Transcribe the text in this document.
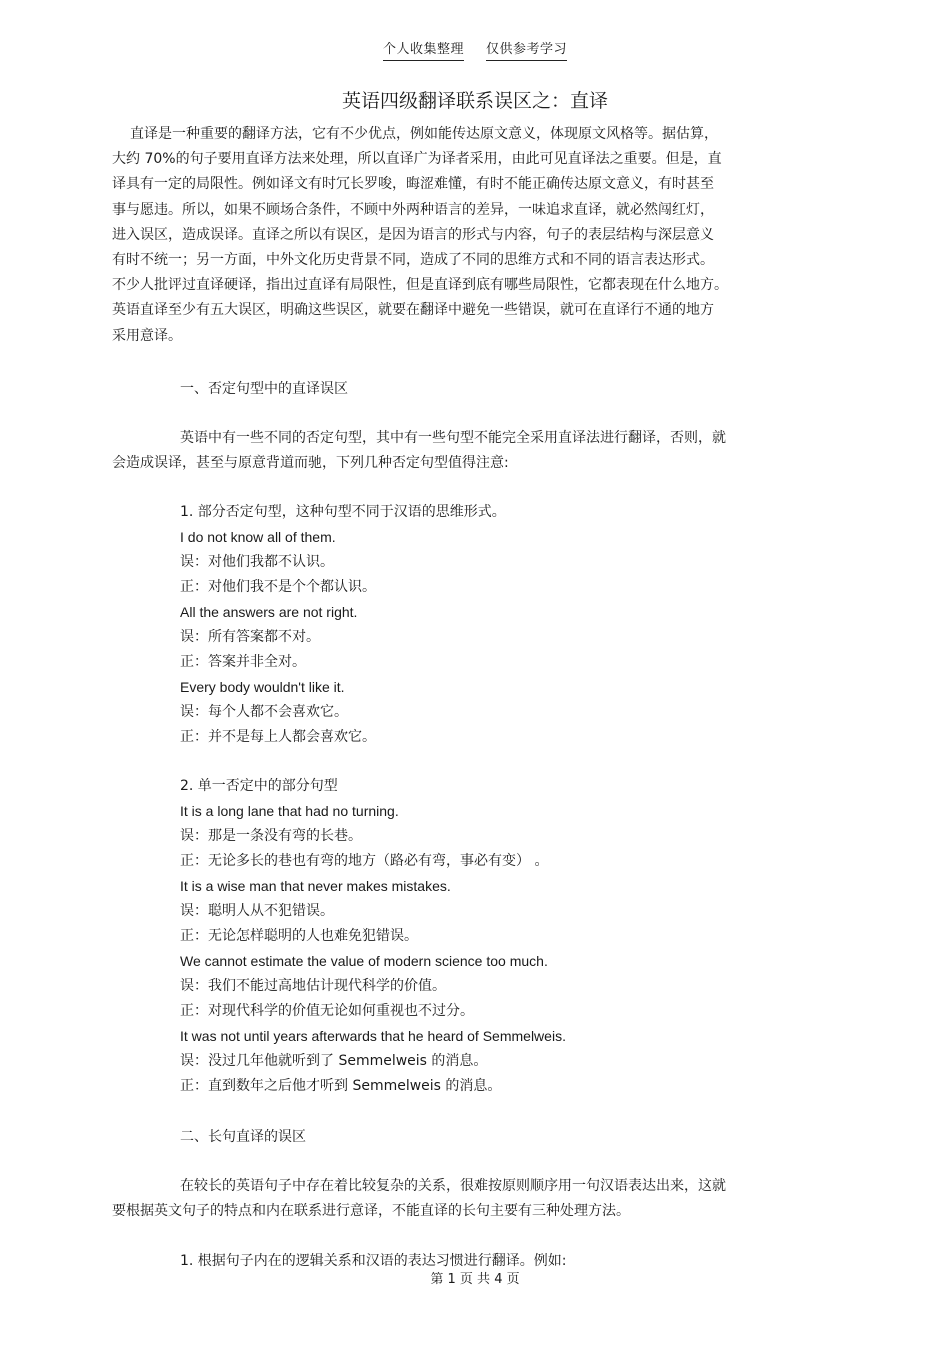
个人收集整理 仅供参考学习
英语四级翻译联系误区之：直译
直译是一种重要的翻译方法，它有不少优点，例如能传达原文意义，体现原文风格等。据估算，
大约 70%的句子要用直译方法来处理，所以直译广为译者采用，由此可见直译法之重要。但是，直
译具有一定的局限性。例如译文有时冗长罗唆，晦涩难懂，有时不能正确传达原文意义，有时甚至
事与愿违。所以，如果不顾场合条件，不顾中外两种语言的差异，一味追求直译，就必然闯红灯，
进入误区，造成误译。直译之所以有误区，是因为语言的形式与内容，句子的表层结构与深层意义
有时不统一；另一方面，中外文化历史背景不同，造成了不同的思维方式和不同的语言表达形式。
不少人批评过直译硬译，指出过直译有局限性，但是直译到底有哪些局限性，它都表现在什么地方。
英语直译至少有五大误区，明确这些误区，就要在翻译中避免一些错误，就可在直译行不通的地方
采用意译。
一、否定句型中的直译误区
英语中有一些不同的否定句型，其中有一些句型不能完全采用直译法进行翻译，否则，就
会造成误译，甚至与原意背道而驰，下列几种否定句型值得注意:
1. 部分否定句型，这种句型不同于汉语的思维形式。
I do not know all of them.
误：对他们我都不认识。
正：对他们我不是个个都认识。
All the answers are not right.
误：所有答案都不对。
正：答案并非全对。
Every body wouldn't like it.
误：每个人都不会喜欢它。
正：并不是每上人都会喜欢它。
2. 单一否定中的部分句型
It is a long lane that had no turning.
误：那是一条没有弯的长巷。
正：无论多长的巷也有弯的地方（路必有弯，事必有变） 。
It is a wise man that never makes mistakes.
误：聪明人从不犯错误。
正：无论怎样聪明的人也难免犯错误。
We cannot estimate the value of modern science too much.
误：我们不能过高地估计现代科学的价值。
正：对现代科学的价值无论如何重视也不过分。
It was not until years afterwards that he heard of Semmelweis.
误：没过几年他就听到了 Semmelweis 的消息。
正：直到数年之后他才听到 Semmelweis 的消息。
二、长句直译的误区
在较长的英语句子中存在着比较复杂的关系，很难按原则顺序用一句汉语表达出来，这就
要根据英文句子的特点和内在联系进行意译，不能直译的长句主要有三种处理方法。
1. 根据句子内在的逻辑关系和汉语的表达习惯进行翻译。例如:
第 1 页 共 4 页
